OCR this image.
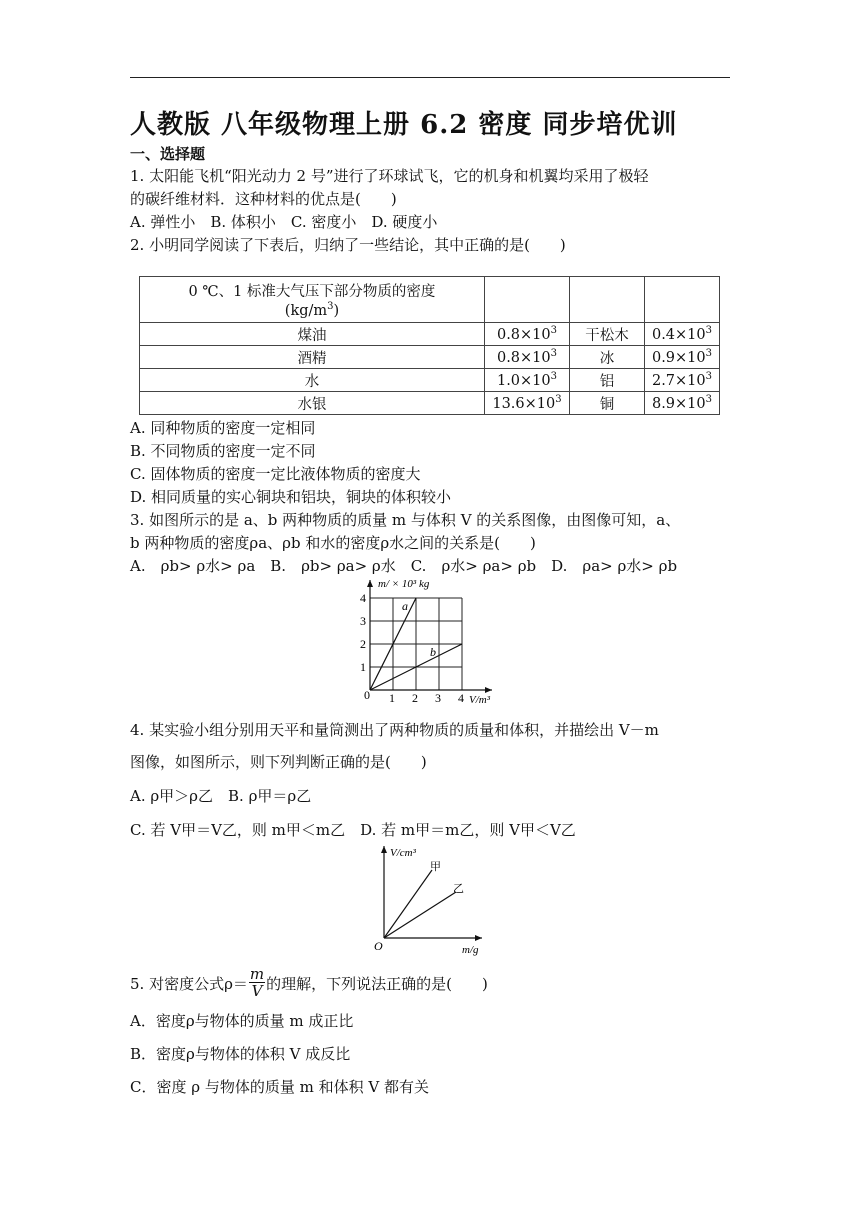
人教版 八年级物理上册 6.2 密度 同步培优训
一、选择题
1. 太阳能飞机“阳光动力 2 号”进行了环球试飞，它的机身和机翼均采用了极轻
的碳纤维材料．这种材料的优点是(　　)
A. 弹性小　B. 体积小　C. 密度小　D. 硬度小
2. 小明同学阅读了下表后，归纳了一些结论，其中正确的是(　　)
0 ℃、1 标准大气压下部分物质的密度
$(kg/m^3)$			
煤油	$0.8\times 10^3$	干松木	$0.4\times 10^3$
酒精	$0.8\times 10^3$	冰	$0.9\times 10^3$
水	$1.0\times 10^3$	铝	$2.7\times 10^3$
水银	$13.6\times 10^3$	铜	$8.9\times 10^3$
A. 同种物质的密度一定相同
B. 不同物质的密度一定不同
C. 固体物质的密度一定比液体物质的密度大
D. 相同质量的实心铜块和铝块，铜块的体积较小
3. 如图所示的是 a、b 两种物质的质量 m 与体积 V 的关系图像，由图像可知，a、
b 两种物质的密度ρa、ρb 和水的密度ρ水之间的关系是(　　)
A.　ρb> ρ水> ρa　B.　ρb> ρa> ρ水　C.　ρ水> ρa> ρb　D.　ρa> ρ水> ρb
m/ × 10³ kg
V/m³
0 1 2 3 4
1
2
3
4
a
b
4. 某实验小组分别用天平和量筒测出了两种物质的质量和体积，并描绘出 V－m
图像，如图所示，则下列判断正确的是(　　)
A. ρ甲＞ρ乙　B. ρ甲＝ρ乙
C. 若 V甲＝V乙，则 m甲＜m乙　D. 若 m甲＝m乙，则 V甲＜V乙
V/cm³
m/g
O
甲
乙
5. 对密度公式$\rho= \frac{m}{V}$ 的理解，下列说法正确的是(　　)
A．密度ρ与物体的质量 m 成正比
B．密度ρ与物体的体积 V 成反比
C．密度 ρ 与物体的质量 m 和体积 V 都有关
